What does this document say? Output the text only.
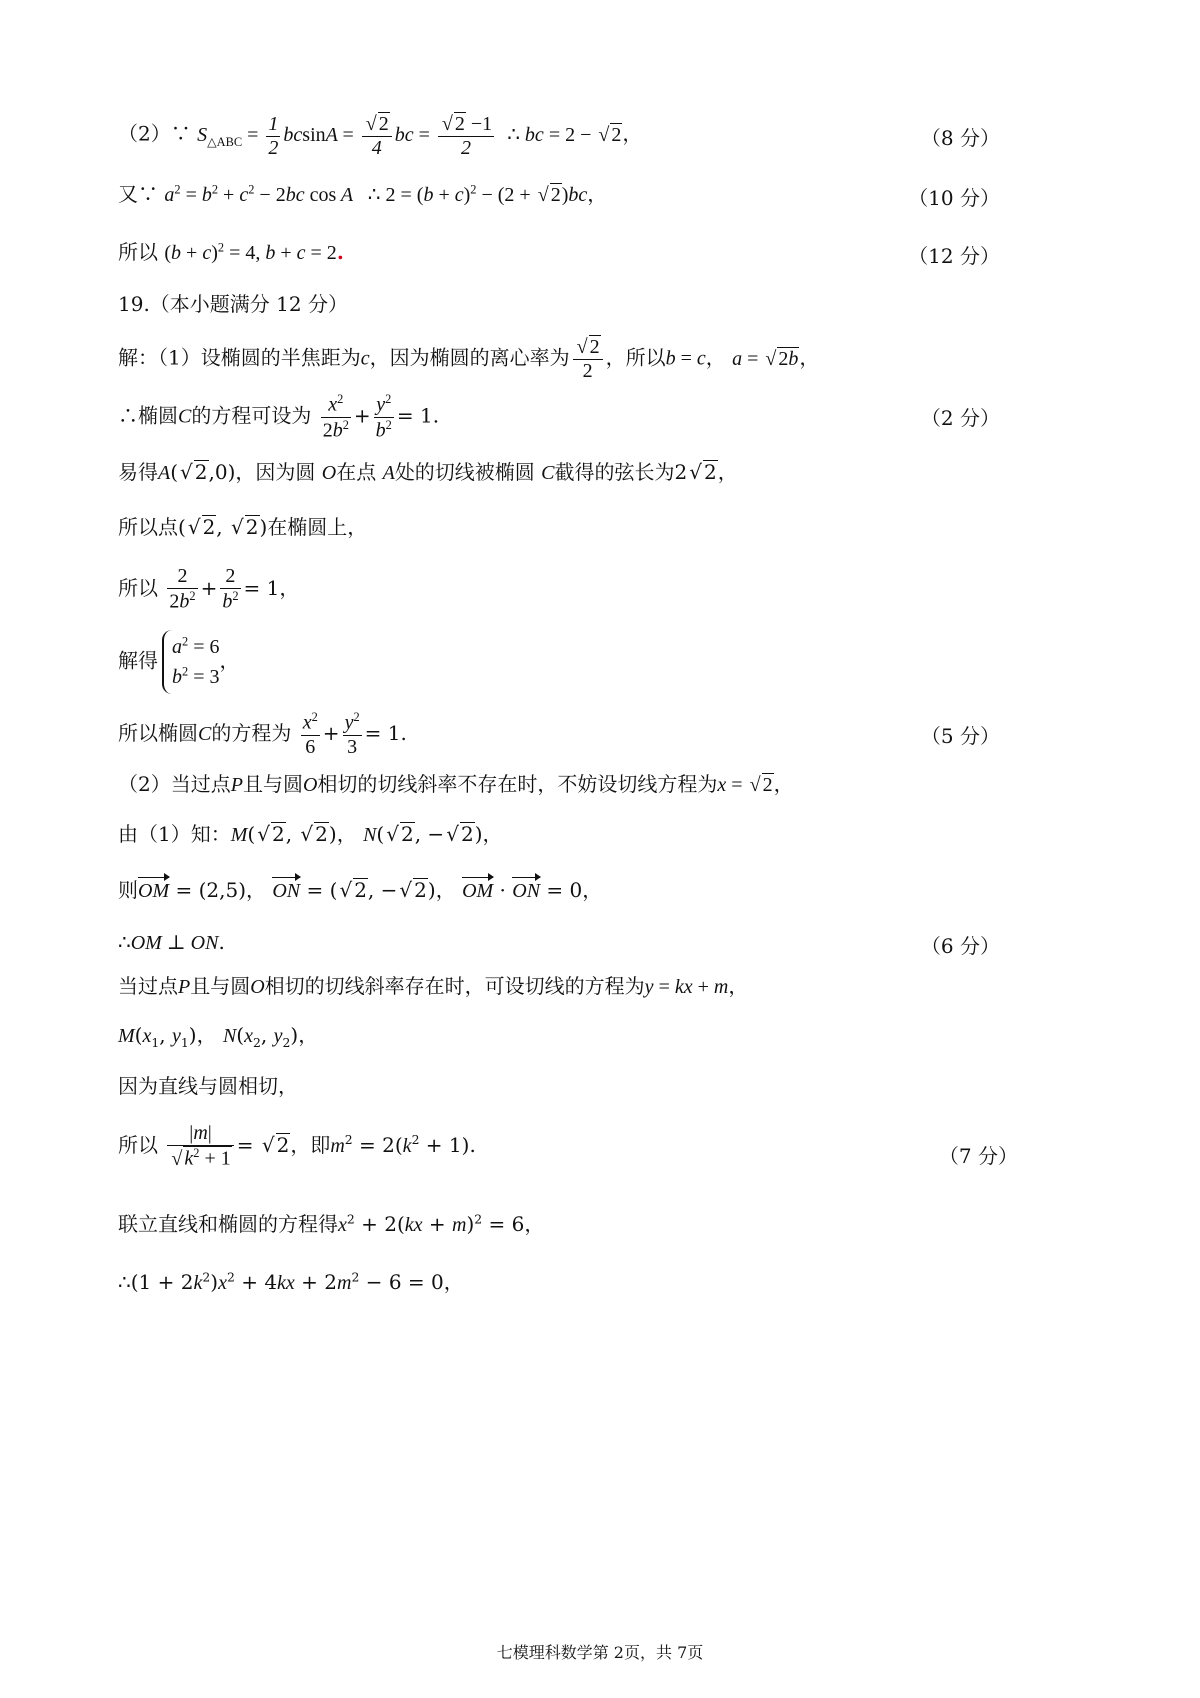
（2）∵ $S_{\triangle ABC} = \frac{1}{2}$ $bcsinA = \frac{√ 2}{4}$ bc = $\frac{√ 2 -1}{2}$ ∴ bc = 2 − √ 2，	（8 分）
又∵ $a^2 = b^2 + c^2 - 2bc$ cos A   ∴ $2 = (b + c)^2 - (2$ + √ 2)bc，	（10 分）
所以 $(b + c)^2 = 4$, b + c = 2.	（12 分）
19.（本小题满分 12 分）
解：（1）设椭圆的半焦距为c，因为椭圆的离心率为 $\frac{√ 2}{2}$ ，所以b = c， a = √ 2b，
∴椭圆C的方程可设为 $\frac{x^2}{2b^2} + \frac{y^2}{b^2} = 1$.	（2 分）
易得A( √ 2,0)，因为圆 O在点 A处的切线被椭圆 C截得的弦长为2 √ 2，
所以点( √ 2, √ 2)在椭圆上，
所以 $\frac{2}{2b^2} + \frac{2}{b^2} = 1$，
解得$a^2 = 6$
$b^2 = 3$，
所以椭圆C的方程为 $\frac{x^2}{6} + \frac{y^2}{3} = 1$.	（5 分）
（2）当过点P且与圆O相切的切线斜率不存在时，不妨设切线方程为x = √ 2，
由（1）知：M( √ 2, √ 2)， N( √ 2, − √ 2)，
则OM = (2,5)， ON = ( √ 2, − √ 2)， OM · ON = 0，
∴OM ⊥ ON.	（6 分）
当过点P且与圆O相切的切线斜率存在时，可设切线的方程为y = kx + m，
$M(x_1$, $y_1$)， $N(x_2$, $y_2$)，
因为直线与圆相切，
所以 $\frac{|m|}{√ k^2 + 1}$ = √ 2，即$m^2 = 2(k^2 + 1)$.	（7 分）
联立直线和椭圆的方程得$x^2 + 2(kx + m)^2 = 6$，
∴(1 + $2k^2)x^2 + 4kx + 2m^2 - 6 = 0$，
七模理科数学第 2页，共 7页
